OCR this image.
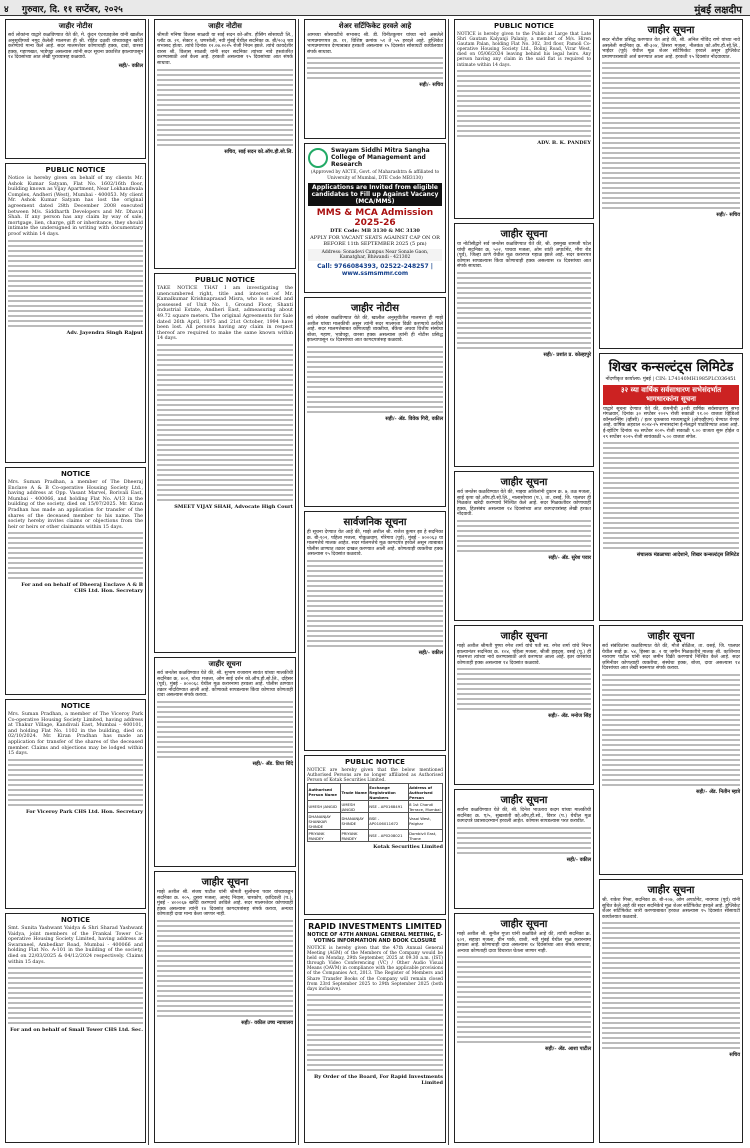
४ गुरुवार, दि. ११ सप्टेंबर, २०२५	मुंबई लक्षदीप
जाहीर नोटीस
सर्व लोकांना याद्वारे कळविण्यात येते की, मे. कुंदन एंटरप्राइजेस यांनी खालील अनुसूचीमध्ये नमूद केलेली मालमत्ता ही श्री. रोहित दळवी यांच्याकडून खरेदी करण्याचे मान्य केले आहे. सदर मालमत्तेवर कोणाचाही हक्क, दावा, वारसा हक्क, गहाणखत, भाडेपट्टा असल्यास त्यांनी सदर सूचना प्रकाशित झाल्यापासून १४ दिवसांच्या आत लेखी पुराव्यासह कळवावे.
सही/- वकील
PUBLIC NOTICE
Notice is hereby given on behalf of my clients Mr. Ashok Kumar Satyam, Flat No. 1602/16th floor, building known as Vijay Apartment, Near Lokhandwala Complex, Andheri (West), Mumbai - 400053. My client Mr. Ashok Kumar Satyam has lost the original agreement dated 28th December 2008 executed between M/s. Siddharth Developers and Mr. Dhaval Shah. If any person has any claim by way of sale, mortgage, lien, charge, gift or inheritance, they should intimate the undersigned in writing with documentary proof within 14 days.
Adv. Jayendra Singh Rajput
NOTICE
Mrs. Suman Pradhan, a member of The Dheeraj Enclave A & B Co-operative Housing Society Ltd., having address at Opp. Vasant Marvel, Borivali East, Mumbai - 400066, and holding Flat No. A/13 in the building of the society, died on 15/07/2025. Mr. Kiran Pradhan has made an application for transfer of the shares of the deceased member to his name. The society hereby invites claims or objections from the heir or heirs or other claimants within 15 days.
For and on behalf of Dheeraj Enclave A & B CHS Ltd. Hon. Secretary
NOTICE
Mrs. Suman Pradhan, a member of The Viceroy Park Co-operative Housing Society Limited, having address at Thakur Village, Kandivali East, Mumbai - 400101, and holding Flat No. 1102 in the building, died on 02/10/2024. Mr. Kiran Pradhan has made an application for transfer of the shares of the deceased member. Claims and objections may be lodged within 15 days.
For Viceroy Park CHS Ltd. Hon. Secretary
NOTICE
Smt. Sunita Yashwant Vaidya & Shri Sharad Yashwant Vaidya, joint members of the Frankal Tower Co-operative Housing Society Limited, having address at Swaraneel, Ambedkar Road, Mumbai - 400066 and holding Flat No. A-101 in the building of the society, died on 22/03/2025 & 04/12/2024 respectively. Claims within 15 days.
For and on behalf of Small Tower CHS Ltd. Sec.
जाहीर नोटीस
श्रीमती मनिषा विलास साळवी या साई सदन को-ऑप. हौसिंग सोसायटी लि., प्लॉट क्र. २१, सेक्टर २, घणसोली, नवी मुंबई येथील सदनिका क्र. बी/२०३ च्या सभासद होत्या. त्यांचे दिनांक १२.०७.२०२५ रोजी निधन झाले. त्यांचे कायदेशीर वारस श्री. विलास साळवी यांनी सदर सदनिका त्यांच्या नावे हस्तांतरित करण्यासाठी अर्ज केला आहे. हरकती असल्यास १५ दिवसांच्या आत संपर्क साधावा.
सचिव, साई सदन को.ऑप.हौ.सो.लि.
PUBLIC NOTICE
TAKE NOTICE THAT I am investigating the unencumbered right, title and interest of Mr. Kamalkumar Krishnaprasad Misra, who is seized and possessed of Unit No. 1, Ground Floor, Shanti Industrial Estate, Andheri East, admeasuring about 49.72 square meters. The original Agreements for Sale dated 26th April, 1975 and 21st October, 1994 have been lost. All persons having any claim in respect thereof are required to make the same known within 14 days.
SMEET VIJAY SHAH, Advocate High Court
जाहीर सूचना
सर्व जनतेस कळविण्यात येते की, श्री. सुभाष राजाराम सावंत यांच्या मालकीची सदनिका क्र. ४०२, चौथा मजला, ओम साई दर्शन को.ऑप.हौ.सो.लि., दहिसर (पूर्व), मुंबई - ४०००६८ येथील मूळ करारनामा हरवला आहे. पोलीस ठाण्यात तक्रार नोंदविण्यात आली आहे. कोणाकडे सापडल्यास किंवा कोणाचा कोणताही दावा असल्यास संपर्क करावा.
सही/- अ‍ॅड. प्रिया शिंदे
जाहीर सूचना
माझे अशील श्री. संजय पाटील यांनी श्रीमती सुलोचना पवार यांच्याकडून सदनिका क्र. २०५, दुसरा मजला, आनंद निवास, चारकोप, कांदिवली (प.), मुंबई - ४०००६७ खरेदी करण्याचे ठरविले आहे. सदर मालमत्तेवर कोणाचाही हक्क असल्यास त्यांनी १४ दिवसांत कागदपत्रांसह संपर्क करावा, अन्यथा कोणताही दावा मान्य केला जाणार नाही.
सही/- वकील उच्च न्यायालय
शेअर सर्टिफिकेट हरवले आहे
आमच्या सोसायटीचे सभासद श्री. डी. विनीतकुमार यांच्या नावे असलेले भागप्रमाणपत्र क्र. ११, विशिष्ट क्रमांक ५१ ते ५५ हरवले आहे. डुप्लिकेट भागप्रमाणपत्र देण्याबाबत हरकती असल्यास १५ दिवसांत सोसायटी कार्यालयात संपर्क साधावा.
सही/- सचिव
Swayam Siddhi Mitra Sangha College of Management and Research
(Approved by AICTE, Govt. of Maharashtra & affiliated to University of Mumbai, DTE Code MB3130)
Applications are Invited from eligible candidates to Fill up Against Vacancy (MCA/MMS)
MMS & MCA Admission 2025-26
DTE Code: MB 3130 & MC 3130
APPLY FOR VACANT SEATS AGAINST CAP ON OR BEFORE 11th SEPTEMBER 2025 (5 pm)
Address: Sonadevi Campus Near Sonale Gaon, Kamatghar, Bhiwandi - 421302
Call: 9766084393, 02522-248257 | www.ssmsmmr.com
जाहीर नोटीस
सर्व लोकांस कळविण्यात येते की, खालील अनुसूचीतील मालमत्ता ही माझे अशील यांच्या मालकीची असून त्यांनी सदर मालमत्ता विक्री करण्याचे ठरविले आहे. सदर मालमत्तेबाबत कोणत्याही व्यक्तीचा, बँकेचा अथवा वित्तीय संस्थेचा बोजा, गहाण, भाडेपट्टा, वारसा हक्क असल्यास त्यांनी ही नोटीस प्रसिद्ध झाल्यापासून १४ दिवसांच्या आत कागदपत्रांसह कळवावे.
सही/- अ‍ॅड. विवेक गिरी, वकील
सार्वजनिक सूचना
ही सूचना देण्यात येत आहे की, माझे अशील श्री. राजेश कुमार झा हे सदनिका क्र. बी-१०२, पहिला मजला, गोकुळधाम, गोरेगाव (पूर्व), मुंबई - ४०००६३ या मालमत्तेचे मालक आहेत. सदर मालमत्तेचे मूळ कागदपत्र हरवले असून त्याबाबत पोलीस ठाण्यात तक्रार दाखल करण्यात आली आहे. कोणत्याही व्यक्तीचा हक्क असल्यास १५ दिवसांत कळवावे.
सही/- वकील
PUBLIC NOTICE
NOTICE are hereby given that the below mentioned Authorised Persons are no longer affiliated as Authorised Person of Kotak Securities Limited.
Authorised Person Name	Trade Name	Exchange Registration Numbers	Address of Authorised Person
UMESH JANGID	UMESH JANGID	NSE - AP0168491	8 1st Chandi Terrace, Mumbai
DHANANJAY SHANKAR SHINDE	DHANANJAY SHINDE	BSE - AP0106011672	Vasai West, Palghar
PRIYANK PANDEY	PRIYANK PANDEY	NSE - AP0208021	Dombivli East, Thane
Kotak Securities Limited
RAPID INVESTMENTS LIMITED
NOTICE OF 47TH ANNUAL GENERAL MEETING, E-VOTING INFORMATION AND BOOK CLOSURE
NOTICE is hereby given that the 47th Annual General Meeting (AGM) of the Members of the Company would be held on Monday, 29th September, 2025 at 09.30 a.m. (IST) through Video Conferencing (VC) / Other Audio Visual Means (OAVM) in compliance with the applicable provisions of the Companies Act, 2013. The Register of Members and Share Transfer Books of the Company will remain closed from 23rd September 2025 to 29th September 2025 (both days inclusive).
By Order of the Board, For Rapid Investments Limited
PUBLIC NOTICE
NOTICE is hereby given to the Public at Large that Late Shri Gautam Kalyanji Palaniy, a member of M/s. Hiren Gautam Palan, holding Flat No. 302, 3rd floor, Pamoli Co-operative Housing Society Ltd., Bolinj Road, Virar West, died on 05/06/2024 leaving behind his legal heirs. Any person having any claim in the said flat is required to intimate within 14 days.
ADV. B. K. PANDEY
जाहीर सूचना
सदर नोटीस प्रसिद्ध करण्यात येत आहे की, श्री. अनिल गोविंद राणे यांच्या नावे असलेली सदनिका क्र. सी-३०४, तिसरा मजला, नीलकंठ को.ऑप.हौ.सो.लि., भाईंदर (पूर्व) येथील मूळ शेअर सर्टिफिकेट हरवले असून डुप्लिकेट प्रमाणपत्रासाठी अर्ज करण्यात आला आहे. हरकती १५ दिवसांत नोंदवाव्यात.
सही/- सचिव
जाहीर सूचना
या नोटीसीद्वारे सर्व जनतेस कळविण्यात येते की, श्री. हसमुख शामजी पटेल यांची सदनिका क्र. ५०२, पाचवा मजला, ओम शांती अपार्टमेंट, मीरा रोड (पूर्व), जिल्हा ठाणे येथील मूळ करारपत्र गहाळ झाले आहे. सदर करारपत्र कोणास सापडल्यास किंवा कोणाचाही हक्क असल्यास १४ दिवसांच्या आत संपर्क साधावा.
सही/- प्रशांत प्र. कोल्हापुरे
जाहीर सूचना
सर्व जनतेस कळविण्यात येते की, माझ्या अशिलांनी दुकान क्र. ७, तळ मजला, साई कृपा को.ऑप.हौ.सो.लि., नालासोपारा (प.), ता. वसई, जि. पालघर ही मिळकत खरेदी करण्याचे निश्चित केले आहे. सदर मिळकतीवर कोणाचाही हक्क, हितसंबंध असल्यास १४ दिवसांच्या आत कागदपत्रांसह लेखी हरकत नोंदवावी.
सही/- अ‍ॅड. सुरेश पवार
शिखर कन्सल्टंट्स लिमिटेड
नोंदणीकृत कार्यालय: मुंबई | CIN: L74140MH1985PLC036451
३२ व्या वार्षिक सर्वसाधारण सभेसंदर्भात भागधारकांना सूचना
याद्वारे सूचना देण्यात येते की, कंपनीची ३२वी वार्षिक सर्वसाधारण सभा मंगळवार, दिनांक ३० सप्टेंबर २०२५ रोजी सकाळी ११.०० वाजता व्हिडिओ कॉन्फरन्सिंग (व्हीसी) / इतर दृकश्राव्य माध्यमाद्वारे (ओएव्हीएम) घेण्यात येणार आहे. वार्षिक अहवाल २०२४-२५ सभासदांना ई-मेलद्वारे पाठविण्यात आला आहे. ई-व्होटिंग दिनांक २७ सप्टेंबर २०२५ रोजी सकाळी ९.०० वाजता सुरू होईल व २९ सप्टेंबर २०२५ रोजी सायंकाळी ५.०० वाजता संपेल.
संचालक मंडळाच्या आदेशाने, शिखर कन्सल्टंट्स लिमिटेड
जाहीर सूचना
माझे अशील श्रीमती पुष्पा रमेश शर्मा यांचे पती स्व. रमेश शर्मा यांचे निधन झाल्यानंतर सदनिका क्र. १०४, पहिला मजला, श्रीजी हाइट्स, वसई (पू.) ही मालमत्ता त्यांच्या नावे करण्यासाठी अर्ज करण्यात आला आहे. इतर वारसांचा कोणताही हक्क असल्यास १४ दिवसांत कळवावे.
सही/- अ‍ॅड. मनोज सिंह
जाहीर सूचना
सर्वांना कळविण्यात येते की, श्री. दिनेश भाऊराव कदम यांच्या मालकीची सदनिका क्र. ए/५, सुखशांती को.ऑप.हौ.सो., विरार (प.) येथील मूळ कागदपत्रे प्रवासादरम्यान हरवली आहेत. कोणास सापडल्यास परत करावीत.
सही/- वकील
जाहीर सूचना
माझे अशील श्री. सुनील गुप्ता यांनी कळविले आहे की, त्यांची सदनिका क्र. ६०१, सहावा मजला, ग्रीन पार्क, वाशी, नवी मुंबई येथील मूळ करारनामा हरवला आहे. कोणाचाही दावा असल्यास १४ दिवसांच्या आत संपर्क साधावा, अन्यथा कोणताही दावा विचारात घेतला जाणार नाही.
सही/- अ‍ॅड. आशा पाटील
जाहीर सूचना
सर्व संबंधितांना कळविण्यात येते की, मौजे बोळिंज, ता. वसई, जि. पालघर येथील सर्व्हे क्र. ५४, हिस्सा क्र. २ या जमीन मिळकतीचे मालक श्री. काशिनाथ नारायण पाटील यांनी सदर जमीन विक्री करण्याचे निश्चित केले आहे. सदर जमिनीवर कोणत्याही व्यक्तीचा, संस्थेचा हक्क, बोजा, दावा असल्यास १४ दिवसांच्या आत लेखी स्वरूपात संपर्क करावा.
सही/- अ‍ॅड. नितीन म्हात्रे
जाहीर सूचना
श्री. राकेश मिश्रा, सदनिका क्र. बी-२०७, ओम अपार्टमेंट, नायगाव (पूर्व) यांनी सूचित केले आहे की सदर सदनिकेचे मूळ शेअर सर्टिफिकेट हरवले आहे. डुप्लिकेट शेअर सर्टिफिकेट जारी करण्याबाबत हरकत असल्यास १५ दिवसांत सोसायटी कार्यालयात कळवावे.
सचिव
